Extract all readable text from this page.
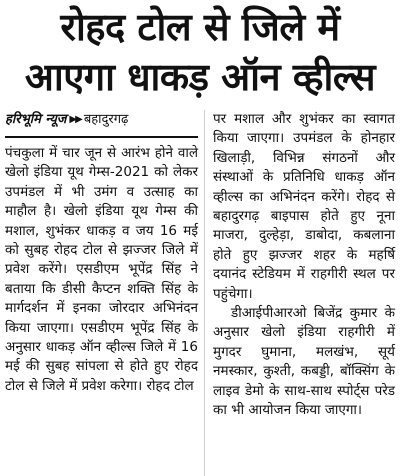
रोहद टोल से जिले में
आएगा धाकड़ ऑन व्हील्स
हरिभूमि न्यूज ▶▶ बहादुरगढ़

पंचकुला में चार जून से आरंभ होने वाले खेलो इंडिया यूथ गेम्स-2021 को लेकर उपमंडल में भी उमंग व उत्साह का माहौल है। खेलो इंडिया यूथ गेम्स की मशाल, शुभंकर धाकड़ व जय 16 मई को सुबह रोहद टोल से झज्जर जिले में प्रवेश करेंगे। एसडीएम भूपेंद्र सिंह ने बताया कि डीसी कैप्टन शक्ति सिंह के मार्गदर्शन में इनका जोरदार अभिनंदन किया जाएगा। एसडीएम भूपेंद्र सिंह के अनुसार धाकड़ ऑन व्हील्स जिले में 16 मई की सुबह सांपला से होते हुए रोहद टोल से जिले में प्रवेश करेगा। रोहद टोल

पर मशाल और शुभंकर का स्वागत किया जाएगा। उपमंडल के होनहार खिलाड़ी, विभिन्न संगठनों और संस्थाओं के प्रतिनिधि धाकड़ ऑन व्हील्स का अभिनंदन करेंगे। रोहद से बहादुरगढ़ बाइपास होते हुए नूना माजरा, दुल्हेड़ा, डाबोदा, कबलाना होते हुए झज्जर शहर के महर्षि दयानंद स्टेडियम में राहगीरी स्थल पर पहुंचेगा।

डीआईपीआरओ बिजेंद्र कुमार के अनुसार खेलो इंडिया राहगीरी में मुगदर घुमाना, मलखंभ, सूर्य नमस्कार, कुश्ती, कबड्डी, बॉक्सिंग के लाइव डेमो के साथ-साथ स्पोर्ट्स परेड का भी आयोजन किया जाएगा।
